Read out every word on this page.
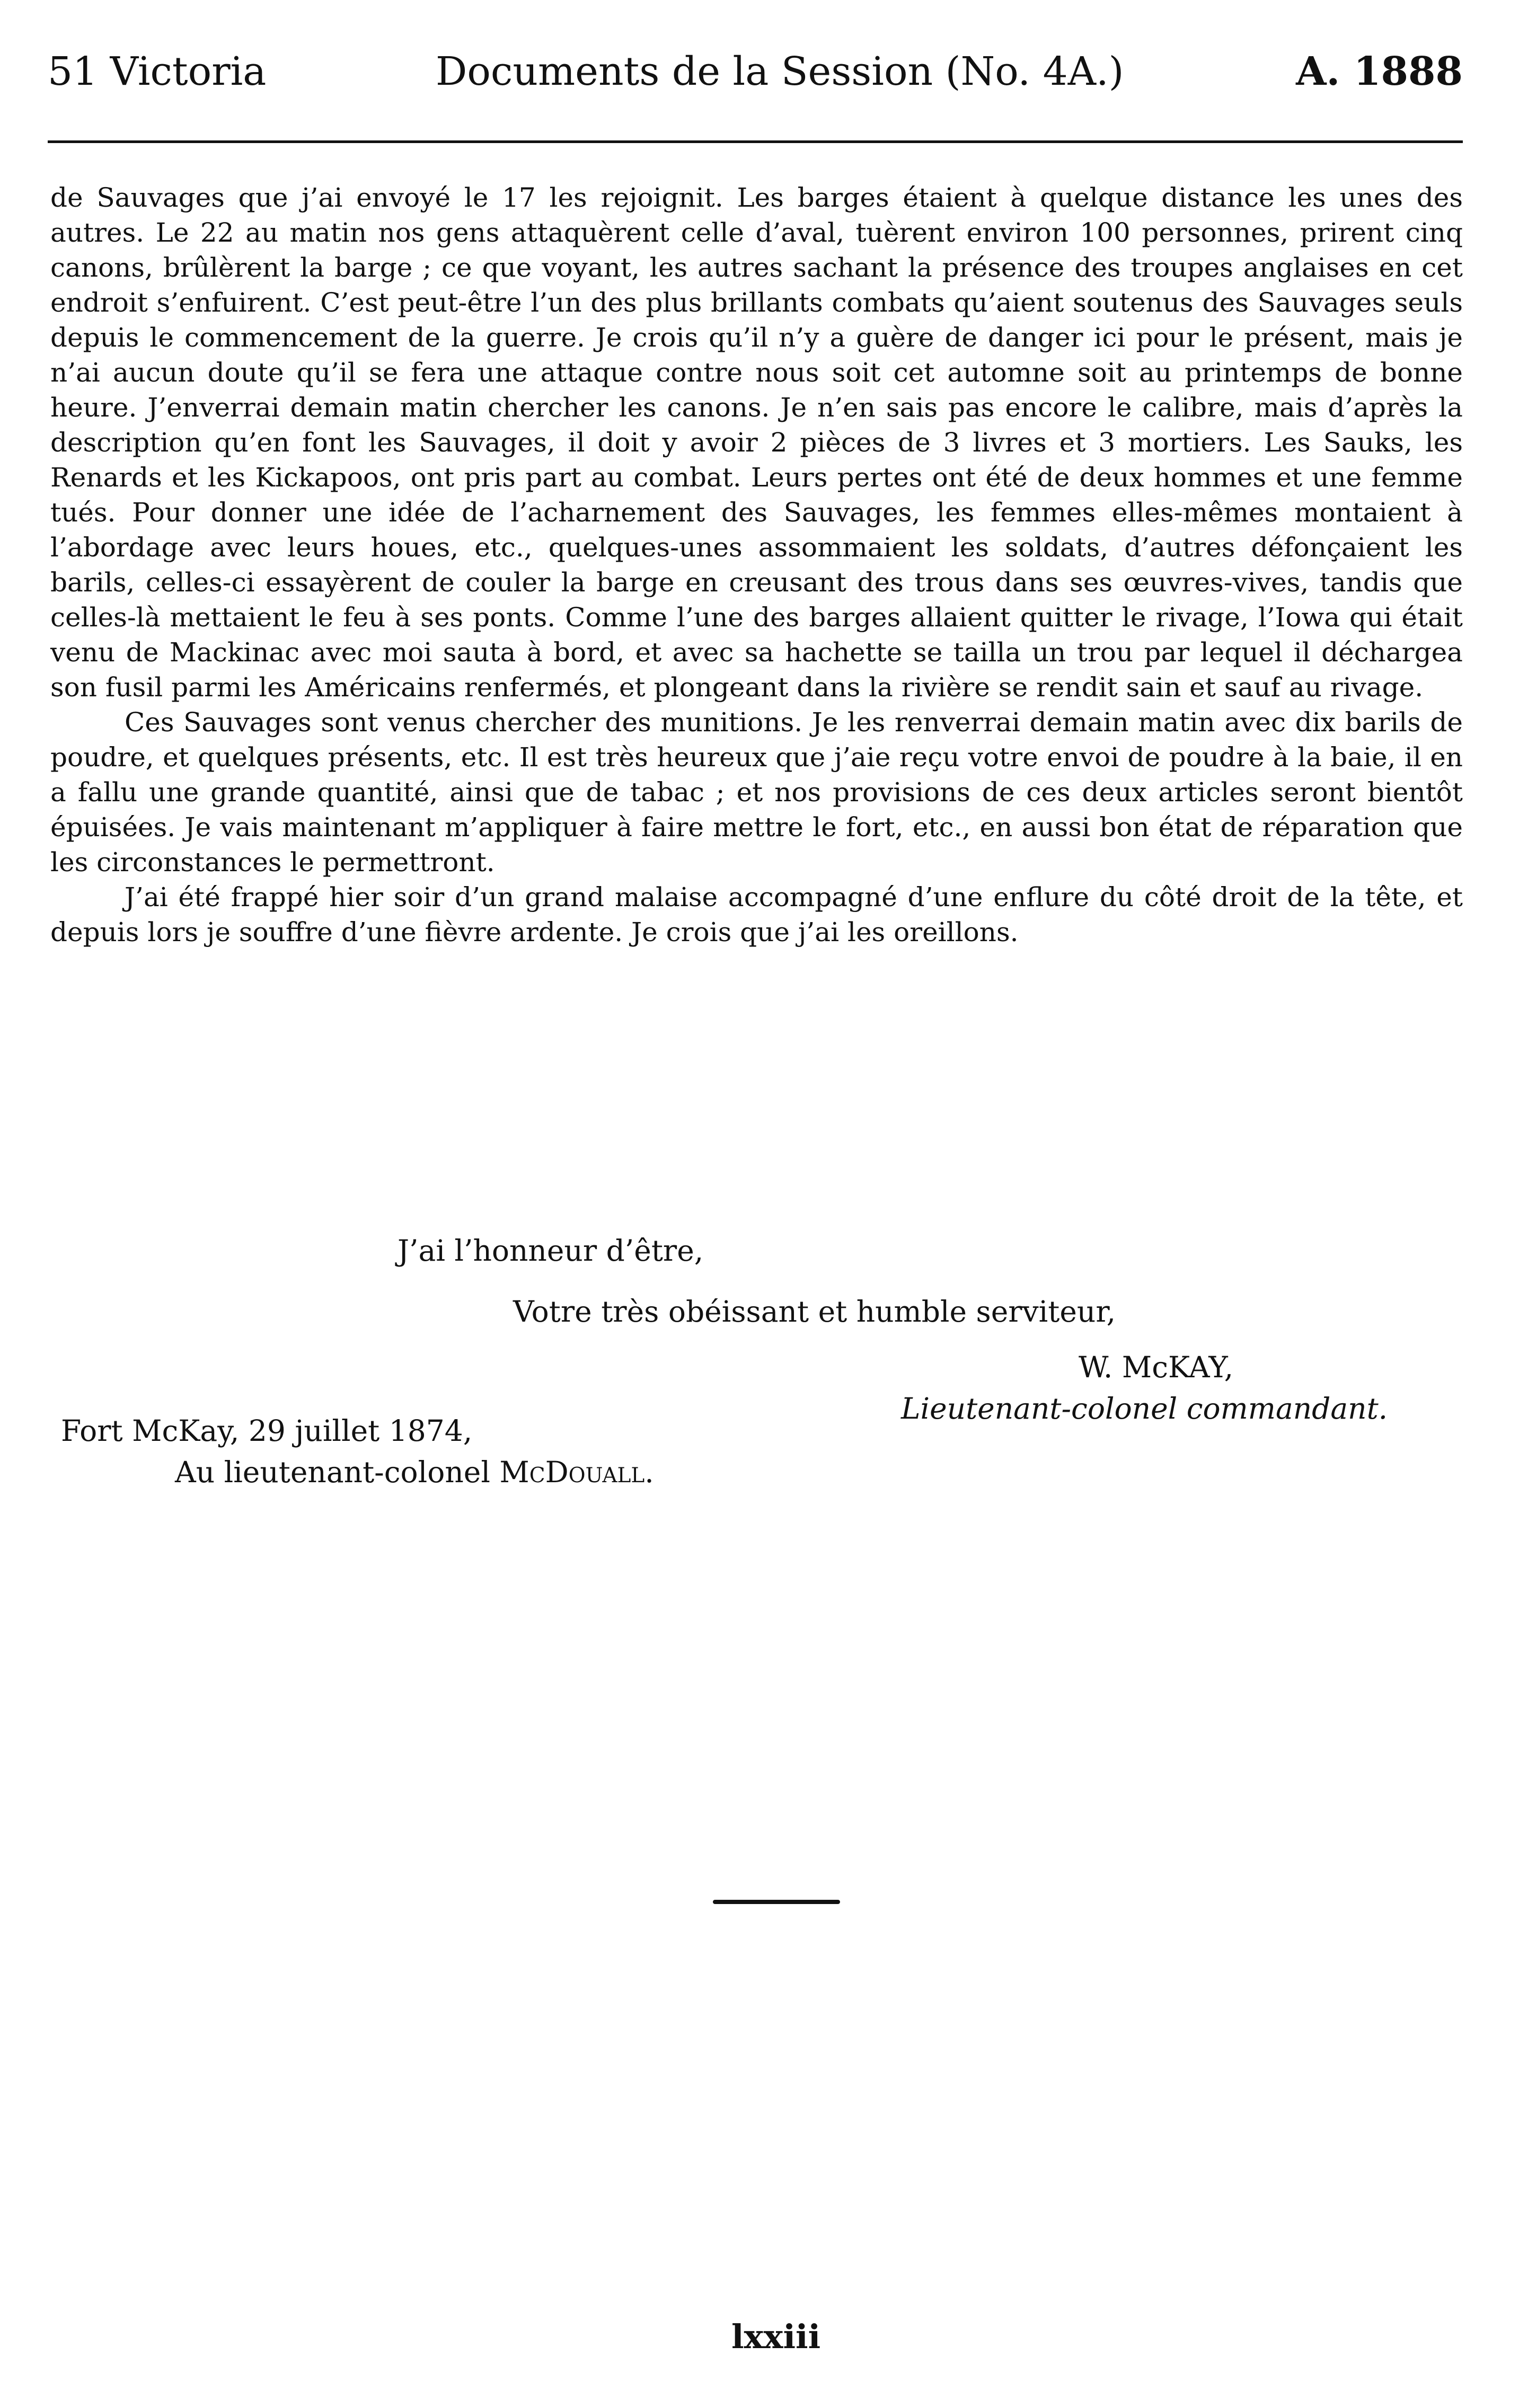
51 Victoria	Documents de la Session (No. 4A.)	A. 1888

de Sauvages que j’ai envoyé le 17 les rejoignit. Les barges étaient à quelque distance les unes des autres. Le 22 au matin nos gens attaquèrent celle d’aval, tuèrent environ 100 personnes, prirent cinq canons, brûlèrent la barge ; ce que voyant, les autres sachant la présence des troupes anglaises en cet endroit s’enfuirent. C’est peut-être l’un des plus brillants combats qu’aient soutenus des Sauvages seuls depuis le commencement de la guerre. Je crois qu’il n’y a guère de danger ici pour le présent, mais je n’ai aucun doute qu’il se fera une attaque contre nous soit cet automne soit au printemps de bonne heure. J’enverrai demain matin chercher les canons. Je n’en sais pas encore le calibre, mais d’après la description qu’en font les Sauvages, il doit y avoir 2 pièces de 3 livres et 3 mortiers. Les Sauks, les Renards et les Kickapoos, ont pris part au combat. Leurs pertes ont été de deux hommes et une femme tués. Pour donner une idée de l’acharnement des Sauvages, les femmes elles-mêmes montaient à l’abordage avec leurs houes, etc., quelques-unes assommaient les soldats, d’autres défonçaient les barils, celles-ci essayèrent de couler la barge en creusant des trous dans ses œuvres-vives, tandis que celles-là mettaient le feu à ses ponts. Comme l’une des barges allaient quitter le rivage, l’Iowa qui était venu de Mackinac avec moi sauta à bord, et avec sa hachette se tailla un trou par lequel il déchargea son fusil parmi les Américains renfermés, et plongeant dans la rivière se rendit sain et sauf au rivage.

Ces Sauvages sont venus chercher des munitions. Je les renverrai demain matin avec dix barils de poudre, et quelques présents, etc. Il est très heureux que j’aie reçu votre envoi de poudre à la baie, il en a fallu une grande quantité, ainsi que de tabac ; et nos provisions de ces deux articles seront bientôt épuisées. Je vais maintenant m’appliquer à faire mettre le fort, etc., en aussi bon état de réparation que les circonstances le permettront.

J’ai été frappé hier soir d’un grand malaise accompagné d’une enflure du côté droit de la tête, et depuis lors je souffre d’une fièvre ardente. Je crois que j’ai les oreillons.

J’ai l’honneur d’être,
Votre très obéissant et humble serviteur,
W. McKAY,
Lieutenant-colonel commandant.
Fort McKay, 29 juillet 1874,
Au lieutenant-colonel McDouall.
lxxiii
